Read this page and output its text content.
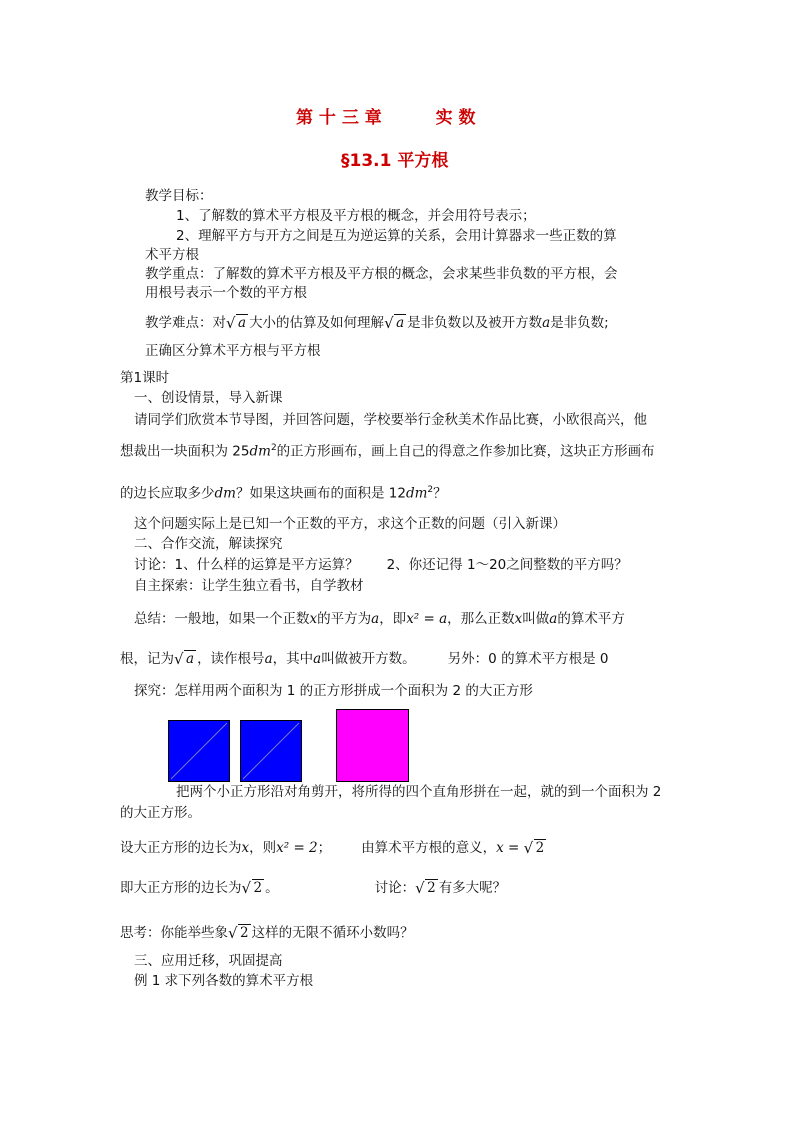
第 十 三 章	实 数
§13.1 平方根
教学目标：
1、了解数的算术平方根及平方根的概念，并会用符号表示；
2、理解平方与开方之间是互为逆运算的关系，会用计算器求一些正数的算
术平方根
教学重点：了解数的算术平方根及平方根的概念，会求某些非负数的平方根，会
用根号表示一个数的平方根
教学难点：对 √ a 大小的估算及如何理解 √ a 是非负数以及被开方数a是非负数;
正确区分算术平方根与平方根
第1课时
一、创设情景，导入新课
请同学们欣赏本节导图，并回答问题，学校要举行金秋美术作品比赛，小欧很高兴，他
想裁出一块面积为 $25dm^2$的正方形画布，画上自己的得意之作参加比赛，这块正方形画布
的边长应取多少dm？如果这块画布的面积是 $12dm^2$？
这个问题实际上是已知一个正数的平方，求这个正数的问题（引入新课）
二、合作交流，解读探究
讨论：1、什么样的运算是平方运算？ 2、你还记得 1～20之间整数的平方吗？
自主探索：让学生独立看书，自学教材
总结：一般地，如果一个正数x的平方为a，即x² = a，那么正数x叫做a的算术平方
根，记为 √ a ，读作根号a，其中a叫做被开方数。 另外：0 的算术平方根是 0
探究：怎样用两个面积为 1 的正方形拼成一个面积为 2 的大正方形
把两个小正方形沿对角剪开，将所得的四个直角形拼在一起，就的到一个面积为 2
的大正方形。
设大正方形的边长为x，则x² = 2； 由算术平方根的意义，x = √ 2
即大正方形的边长为 √ 2 。	讨论： √ 2 有多大呢？
思考：你能举些象 √ 2 这样的无限不循环小数吗？
三、应用迁移，巩固提高
例 1 求下列各数的算术平方根
